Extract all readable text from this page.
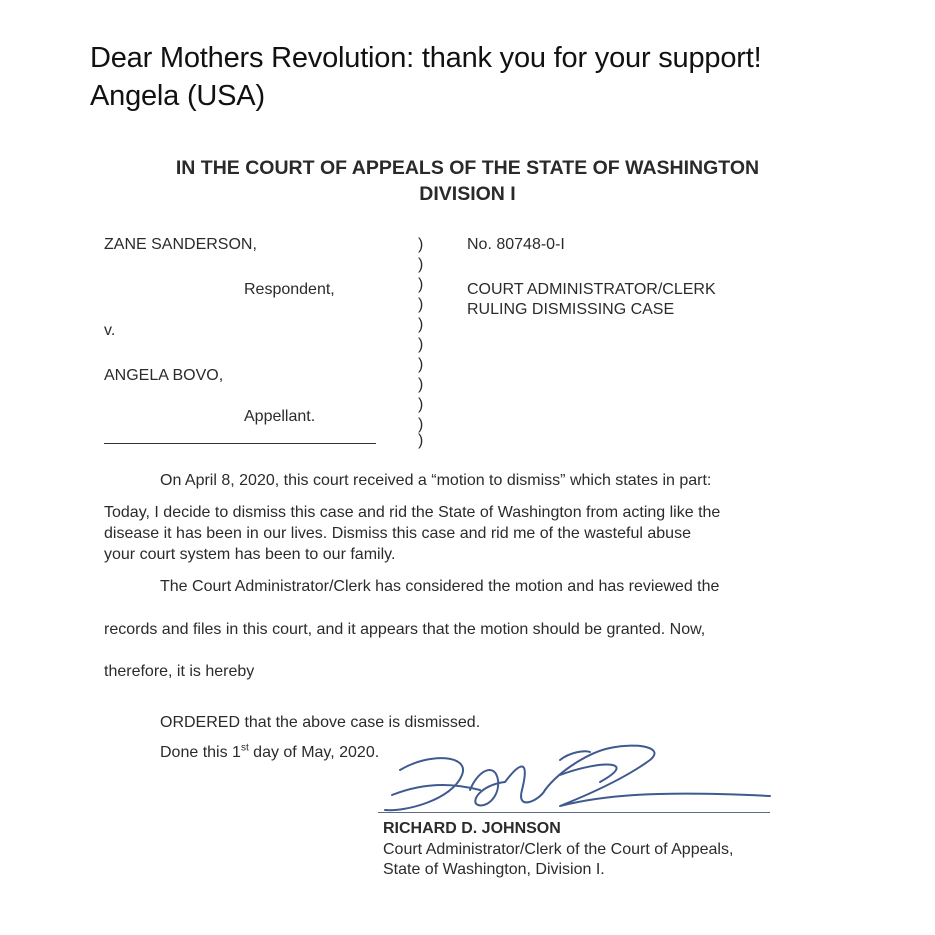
Dear Mothers Revolution: thank you for your support!
Angela (USA)
IN THE COURT OF APPEALS OF THE STATE OF WASHINGTON
DIVISION I
ZANE SANDERSON,
Respondent,
v.
ANGELA BOVO,
Appellant.
)
)
)
)
)
)
)
)
)
)
)
No. 80748-0-I
COURT ADMINISTRATOR/CLERK
RULING DISMISSING CASE
On April 8, 2020, this court received a “motion to dismiss” which states in part:
Today, I decide to dismiss this case and rid the State of Washington from acting like the
disease it has been in our lives. Dismiss this case and rid me of the wasteful abuse
your court system has been to our family.
The Court Administrator/Clerk has considered the motion and has reviewed the
records and files in this court, and it appears that the motion should be granted. Now,
therefore, it is hereby
ORDERED that the above case is dismissed.
Done this 1st day of May, 2020.
RICHARD D. JOHNSON
Court Administrator/Clerk of the Court of Appeals,
State of Washington, Division I.
